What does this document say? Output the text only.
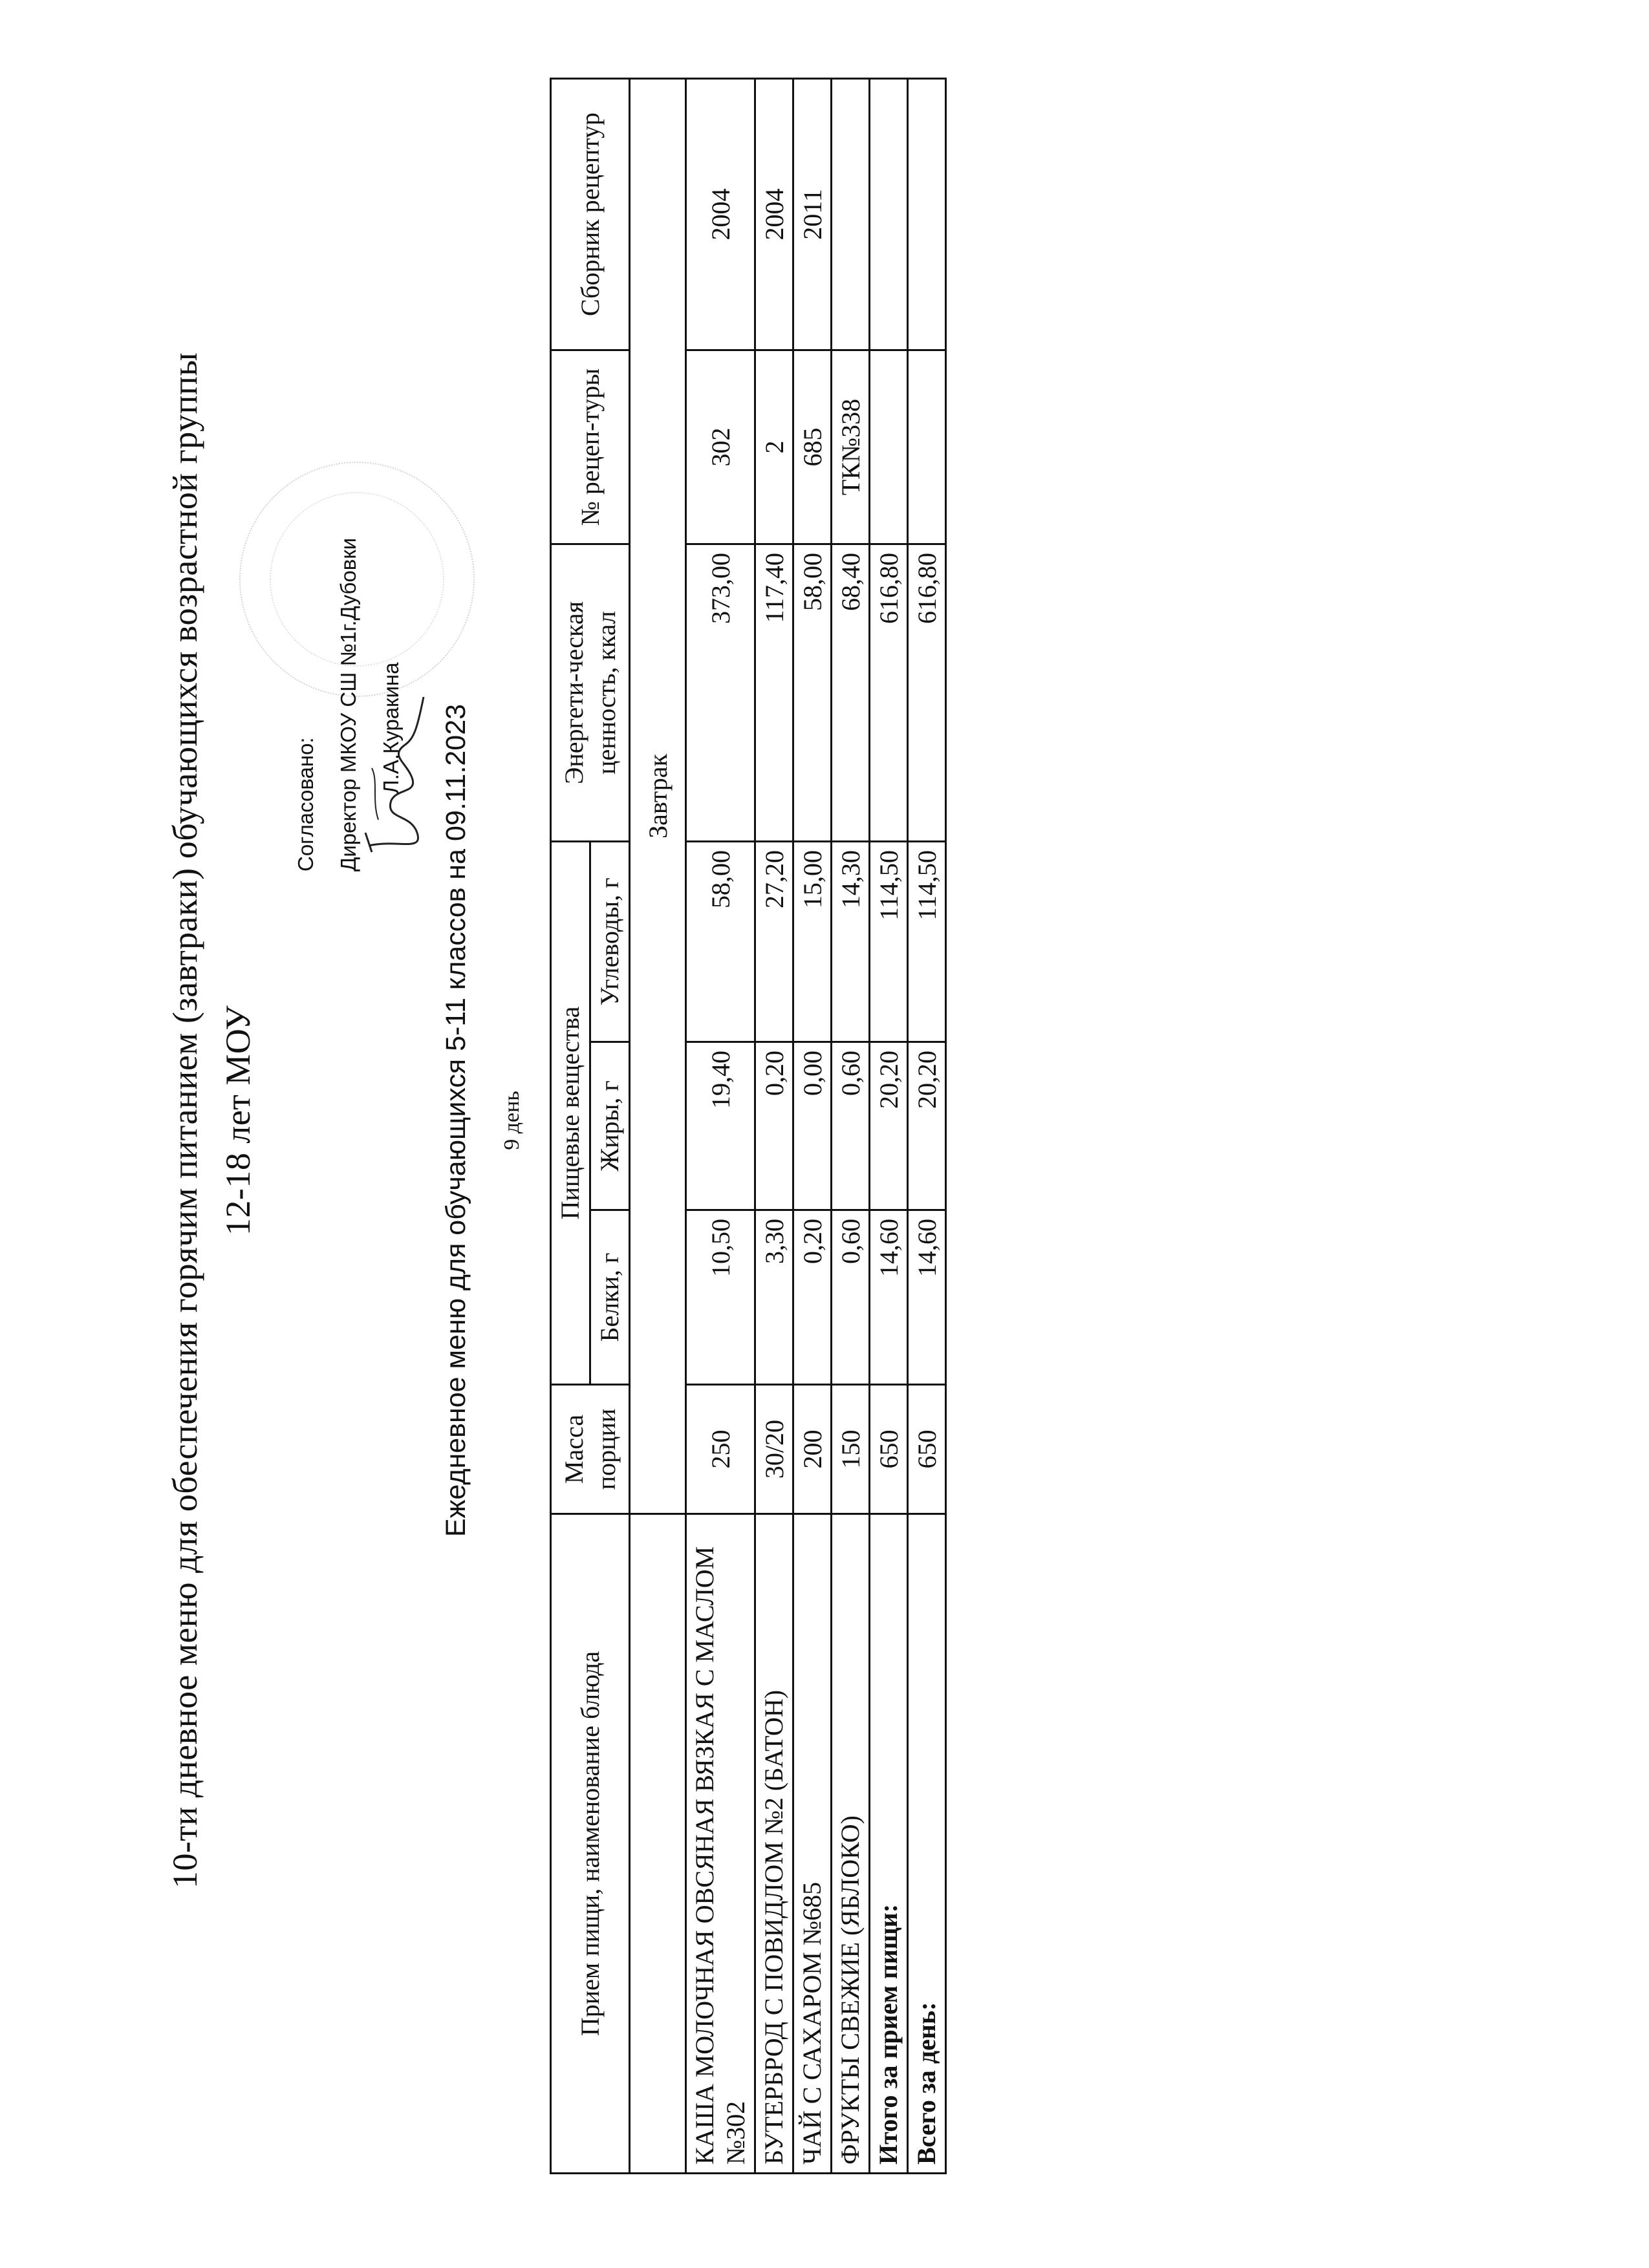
10-ти дневное меню для обеспечения горячим питанием (завтраки) обучающихся возрастной группы 12-18 лет МОУ
Согласовано: Директор МКОУ СШ №1г.Дубовки Л.А.Куракина	Ежедневное меню для обучающихся 5-11 классов на 09.11.2023 9 день
Прием пищи, наименование блюда	Масса порции	Пищевые вещества			Энергети-ческая ценность, ккал	№ рецеп-туры	Сборник рецептур
		Белки, г	Жиры, г	Углеводы, г			
	Завтрак						
КАША МОЛОЧНАЯ ОВСЯНАЯ ВЯЗКАЯ С МАСЛОМ №302	250	10,50	19,40	58,00	373,00	302	2004
БУТЕРБРОД С ПОВИДЛОМ №2 (БАТОН)	30/20	3,30	0,20	27,20	117,40	2	2004
ЧАЙ С САХАРОМ №685	200	0,20	0,00	15,00	58,00	685	2011
ФРУКТЫ СВЕЖИЕ (ЯБЛОКО)	150	0,60	0,60	14,30	68,40	ТК№338	
Итого за прием пищи:	650	14,60	20,20	114,50	616,80		
Всего за день:	650	14,60	20,20	114,50	616,80		
